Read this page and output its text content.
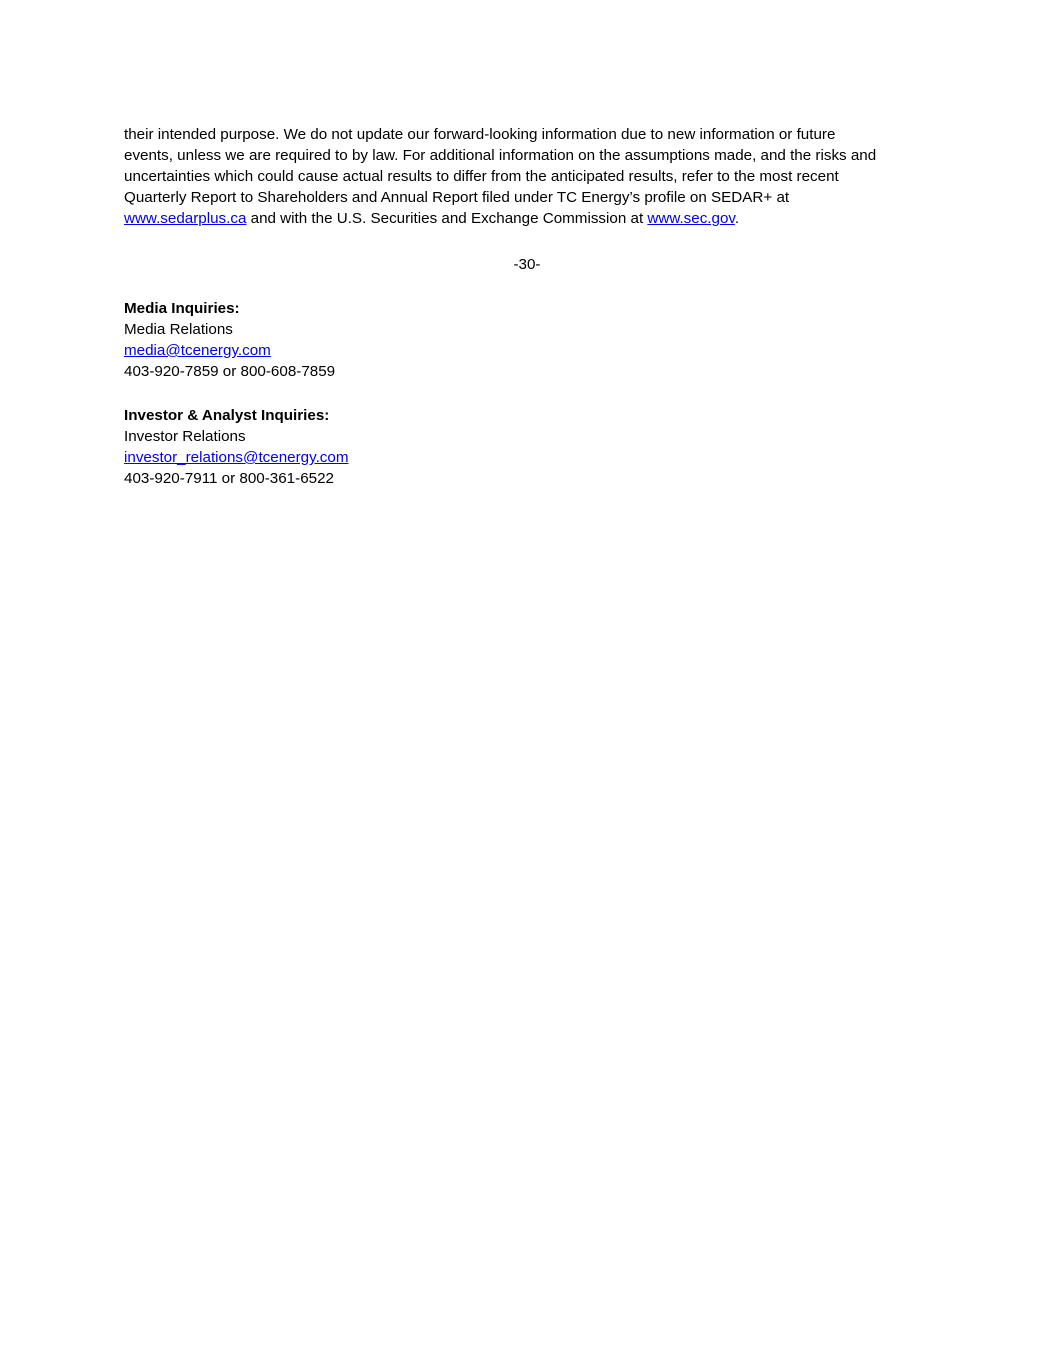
their intended purpose. We do not update our forward-looking information due to new information or future
events, unless we are required to by law. For additional information on the assumptions made, and the risks and
uncertainties which could cause actual results to differ from the anticipated results, refer to the most recent
Quarterly Report to Shareholders and Annual Report filed under TC Energy’s profile on SEDAR+ at
www.sedarplus.ca and with the U.S. Securities and Exchange Commission at www.sec.gov.

-30-
Media Inquiries:
Media Relations
media@tcenergy.com
403-920-7859 or 800-608-7859
Investor & Analyst Inquiries:
Investor Relations
investor_relations@tcenergy.com
403-920-7911 or 800-361-6522
